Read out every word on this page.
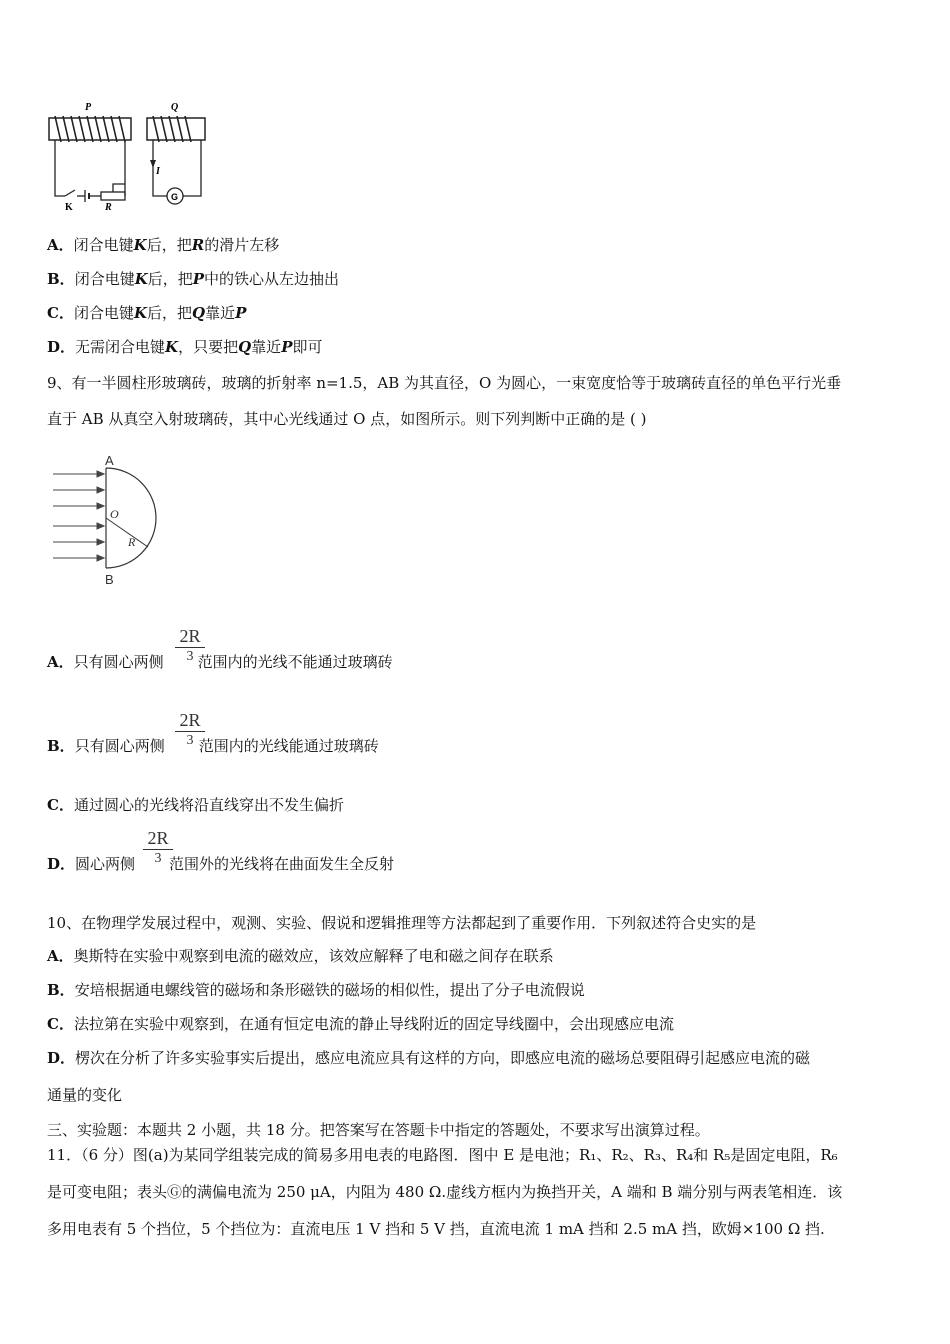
P	Q
K	R
I
G
A．闭合电键K后，把R的滑片左移
B．闭合电键K后，把P中的铁心从左边抽出
C．闭合电键K后，把Q靠近P
D．无需闭合电键K，只要把Q靠近P即可
9、有一半圆柱形玻璃砖，玻璃的折射率 n=1.5，AB 为其直径，O 为圆心，一束宽度恰等于玻璃砖直径的单色平行光垂
直于 AB 从真空入射玻璃砖，其中心光线通过 O 点，如图所示。则下列判断中正确的是 ( )
A
B
O
R
A．只有圆心两侧 范围内的光线不能通过玻璃砖
2R
3
B．只有圆心两侧 范围内的光线能通过玻璃砖
2R
3
C．通过圆心的光线将沿直线穿出不发生偏折
D．圆心两侧 范围外的光线将在曲面发生全反射
2R
3
10、在物理学发展过程中，观测、实验、假说和逻辑推理等方法都起到了重要作用．下列叙述符合史实的是
A．奥斯特在实验中观察到电流的磁效应，该效应解释了电和磁之间存在联系
B．安培根据通电螺线管的磁场和条形磁铁的磁场的相似性，提出了分子电流假说
C．法拉第在实验中观察到，在通有恒定电流的静止导线附近的固定导线圈中，会出现感应电流
D．楞次在分析了许多实验事实后提出，感应电流应具有这样的方向，即感应电流的磁场总要阻碍引起感应电流的磁
通量的变化
三、实验题：本题共 2 小题，共 18 分。把答案写在答题卡中指定的答题处，不要求写出演算过程。
11．（6 分）图(a)为某同学组装完成的简易多用电表的电路图．图中 E 是电池；R₁、R₂、R₃、R₄和 R₅是固定电阻，R₆
是可变电阻；表头Ⓖ的满偏电流为 250 μA，内阻为 480 Ω.虚线方框内为换挡开关，A 端和 B 端分别与两表笔相连．该
多用电表有 5 个挡位，5 个挡位为：直流电压 1 V 挡和 5 V 挡，直流电流 1 mA 挡和 2.5 mA 挡，欧姆×100 Ω 挡.
